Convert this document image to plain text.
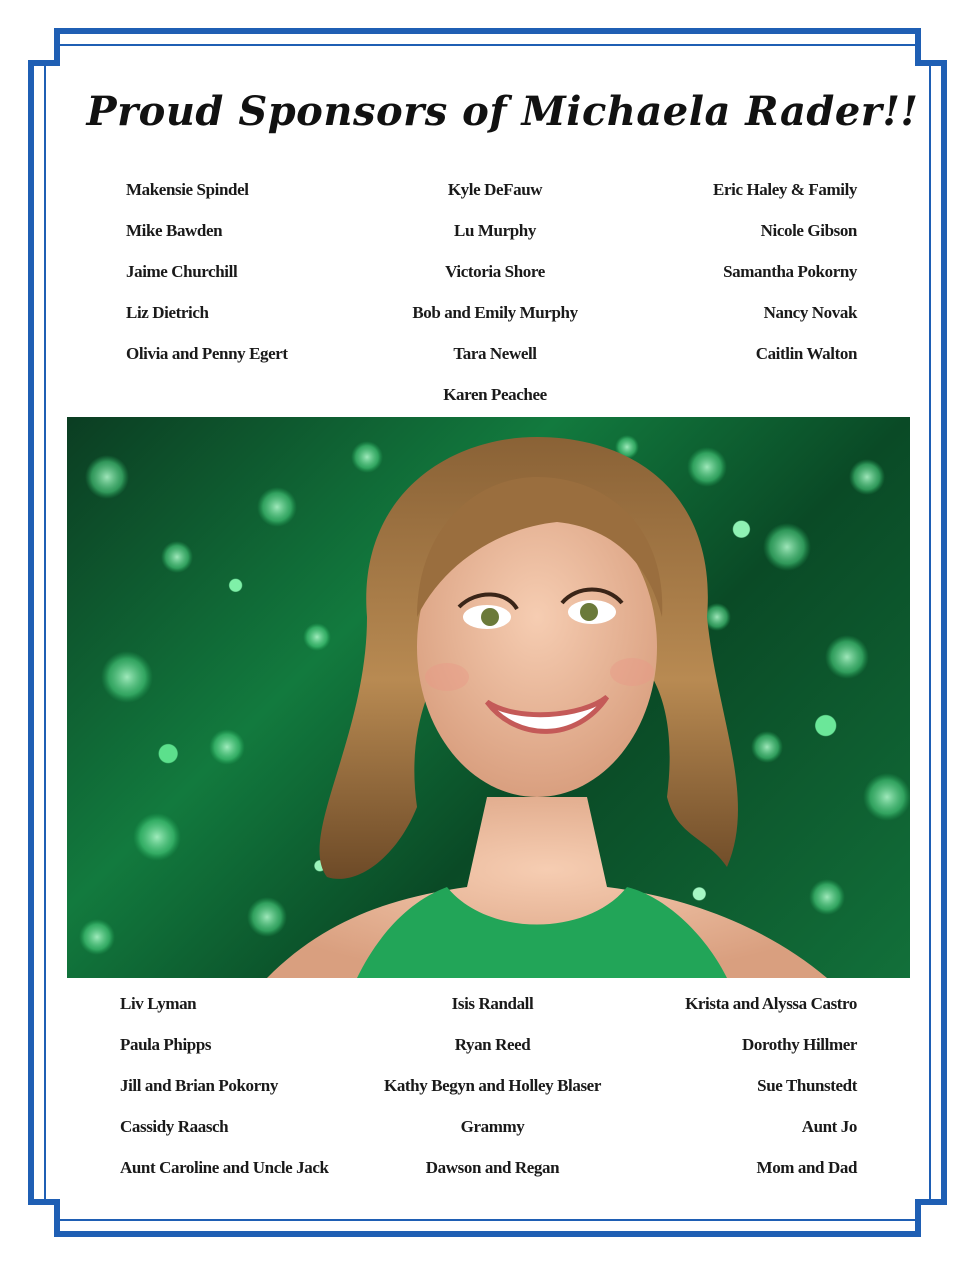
Proud Sponsors of Michaela Rader!!
Makensie Spindel
Mike Bawden
Jaime Churchill
Liz Dietrich
Olivia and Penny Egert
Kyle DeFauw
Lu Murphy
Victoria Shore
Bob and Emily Murphy
Tara Newell
Karen Peachee
Eric Haley & Family
Nicole Gibson
Samantha Pokorny
Nancy Novak
Caitlin Walton
Liv Lyman
Paula Phipps
Jill and Brian Pokorny
Cassidy Raasch
Aunt Caroline and Uncle Jack
Isis Randall
Ryan Reed
Kathy Begyn and Holley Blaser
Grammy
Dawson and Regan
Krista and Alyssa Castro
Dorothy Hillmer
Sue Thunstedt
Aunt Jo
Mom and Dad
